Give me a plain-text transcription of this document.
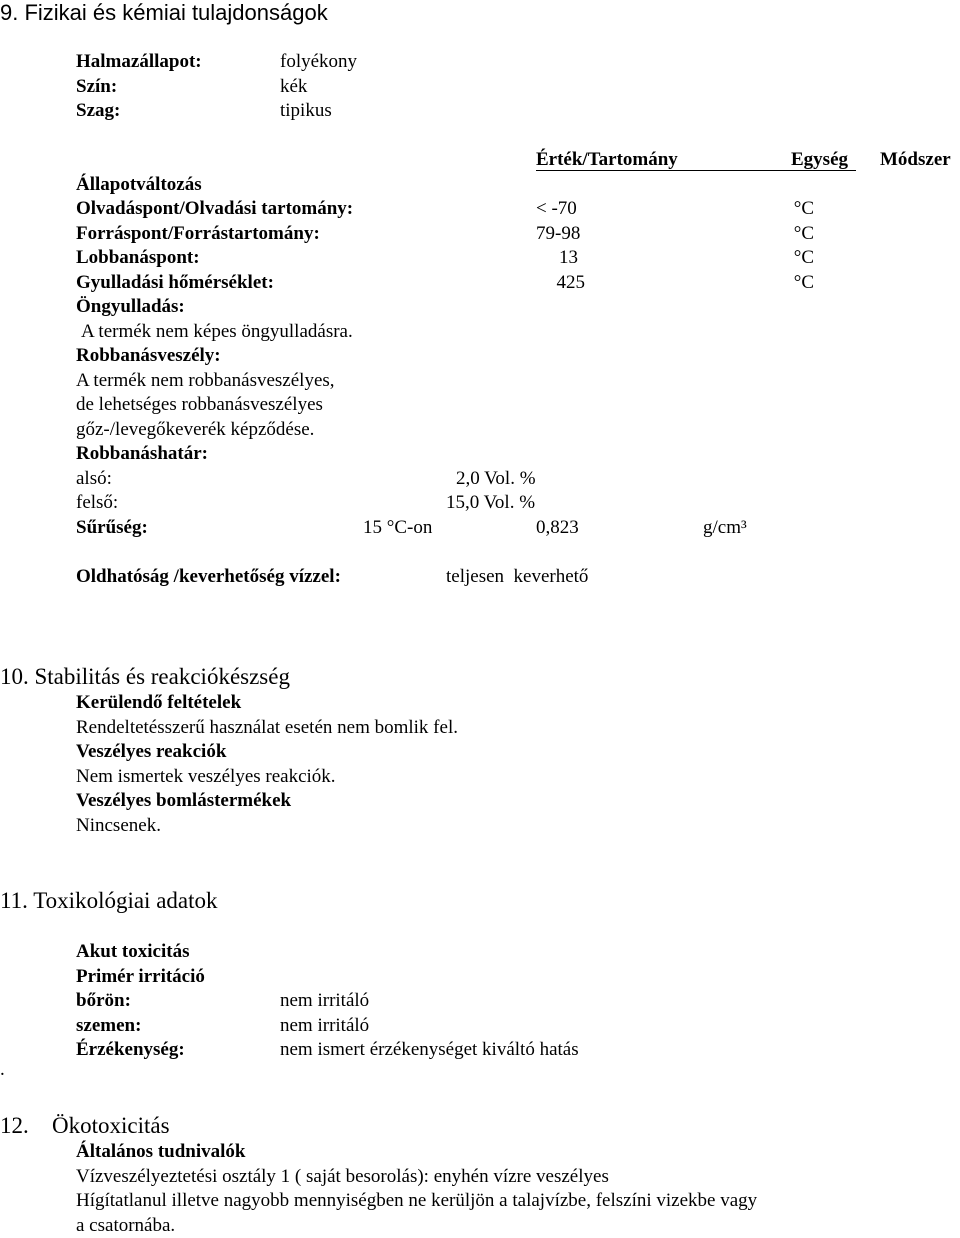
9. Fizikai és kémiai tulajdonságok
Halmazállapot:	folyékony
Szín:	kék
Szag:	tipikus
Érték/Tartomány	Egység Módszer
Állapotváltozás
Olvadáspont/Olvadási tartomány:	< -70	°C
Forráspont/Forrástartomány:	79-98	°C
Lobbanáspont:	13	°C
Gyulladási hőmérséklet:	425	°C
Öngyulladás:
A termék nem képes öngyulladásra.
Robbanásveszély:
A termék nem robbanásveszélyes,
de lehetséges robbanásveszélyes
gőz-/levegőkeverék képződése.
Robbanáshatár:
alsó:	2,0 Vol. %
felső:	15,0 Vol. %
Sűrűség:	15 °C-on	0,823	g/cm³
Oldhatóság /keverhetőség vízzel:	teljesen  keverhető
10. Stabilitás és reakciókészség
Kerülendő feltételek
Rendeltetésszerű használat esetén nem bomlik fel.
Veszélyes reakciók
Nem ismertek veszélyes reakciók.
Veszélyes bomlástermékek
Nincsenek.
11. Toxikológiai adatok
Akut toxicitás
Primér irritáció
bőrön:	nem irritáló
szemen:	nem irritáló
Érzékenység:	nem ismert érzékenységet kiváltó hatás
.
12. Ökotoxicitás
Általános tudnivalók
Vízveszélyeztetési osztály 1 ( saját besorolás): enyhén vízre veszélyes
Hígítatlanul illetve nagyobb mennyiségben ne kerüljön a talajvízbe, felszíni vizekbe vagy
a csatornába.
